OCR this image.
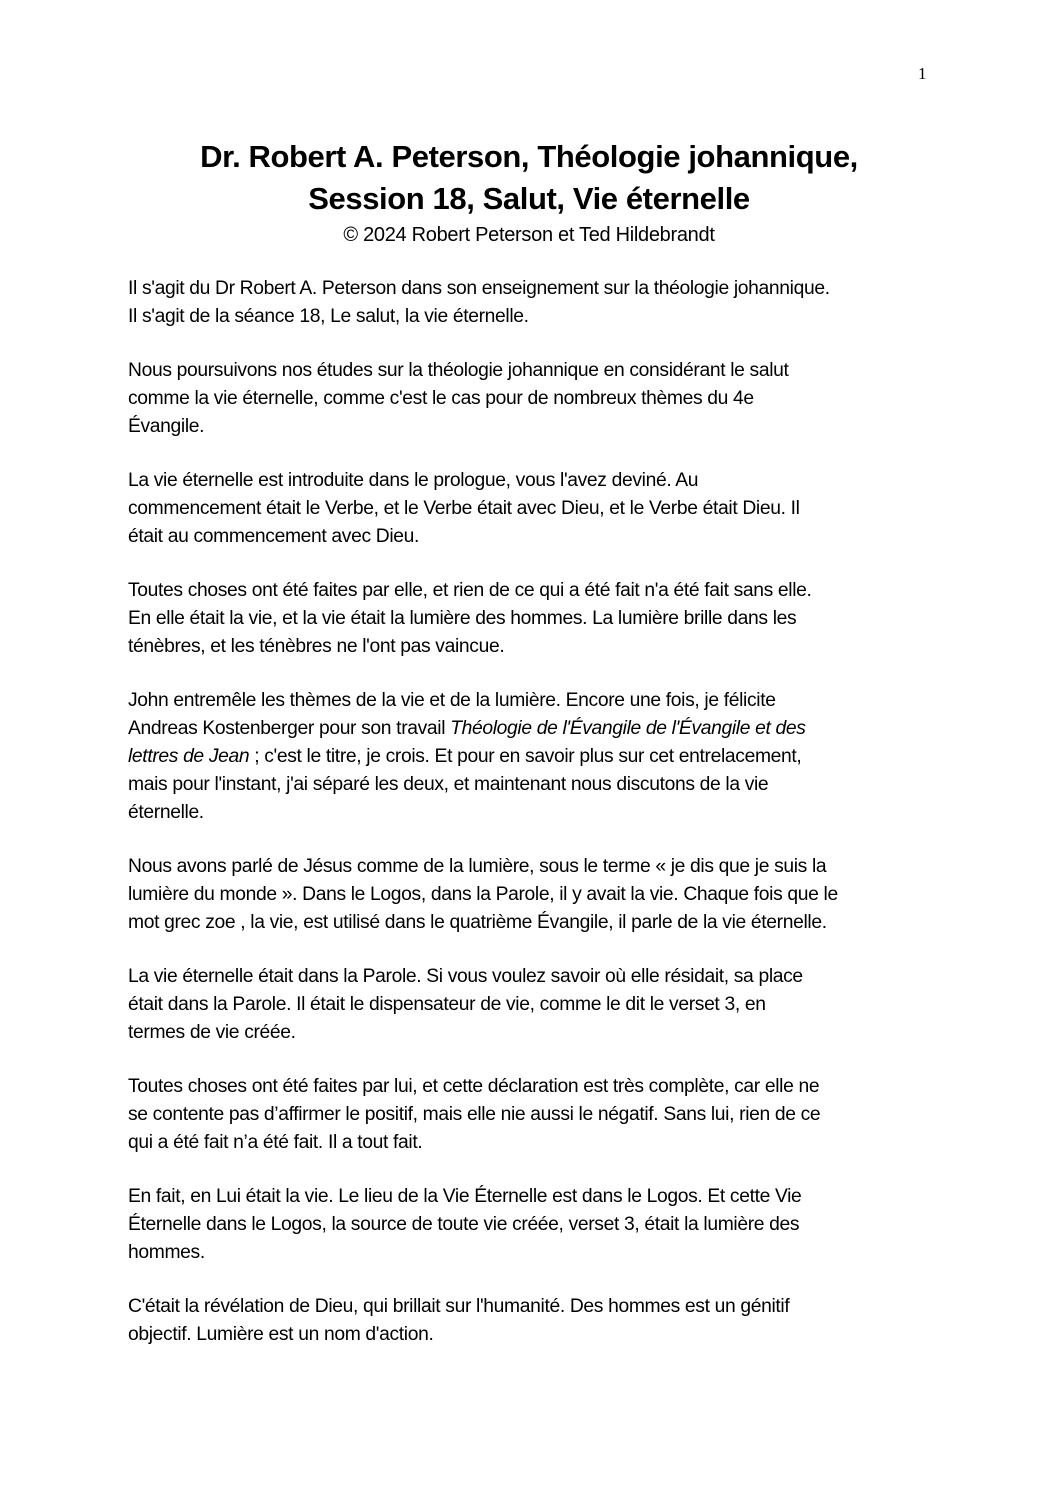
1
Dr. Robert A. Peterson, Théologie johannique,
Session 18, Salut, Vie éternelle
© 2024 Robert Peterson et Ted Hildebrandt

Il s'agit du Dr Robert A. Peterson dans son enseignement sur la théologie johannique.
Il s'agit de la séance 18, Le salut, la vie éternelle.

Nous poursuivons nos études sur la théologie johannique en considérant le salut
comme la vie éternelle, comme c'est le cas pour de nombreux thèmes du 4e
Évangile.

La vie éternelle est introduite dans le prologue, vous l'avez deviné. Au
commencement était le Verbe, et le Verbe était avec Dieu, et le Verbe était Dieu. Il
était au commencement avec Dieu.

Toutes choses ont été faites par elle, et rien de ce qui a été fait n'a été fait sans elle.
En elle était la vie, et la vie était la lumière des hommes. La lumière brille dans les
ténèbres, et les ténèbres ne l'ont pas vaincue.

John entremêle les thèmes de la vie et de la lumière. Encore une fois, je félicite
Andreas Kostenberger pour son travail Théologie de l'Évangile de l'Évangile et des
lettres de Jean ; c'est le titre, je crois. Et pour en savoir plus sur cet entrelacement,
mais pour l'instant, j'ai séparé les deux, et maintenant nous discutons de la vie
éternelle.

Nous avons parlé de Jésus comme de la lumière, sous le terme « je dis que je suis la
lumière du monde ». Dans le Logos, dans la Parole, il y avait la vie. Chaque fois que le
mot grec zoe , la vie, est utilisé dans le quatrième Évangile, il parle de la vie éternelle.

La vie éternelle était dans la Parole. Si vous voulez savoir où elle résidait, sa place
était dans la Parole. Il était le dispensateur de vie, comme le dit le verset 3, en
termes de vie créée.

Toutes choses ont été faites par lui, et cette déclaration est très complète, car elle ne
se contente pas d’affirmer le positif, mais elle nie aussi le négatif. Sans lui, rien de ce
qui a été fait n’a été fait. Il a tout fait.

En fait, en Lui était la vie. Le lieu de la Vie Éternelle est dans le Logos. Et cette Vie
Éternelle dans le Logos, la source de toute vie créée, verset 3, était la lumière des
hommes.

C'était la révélation de Dieu, qui brillait sur l'humanité. Des hommes est un génitif
objectif. Lumière est un nom d'action.
